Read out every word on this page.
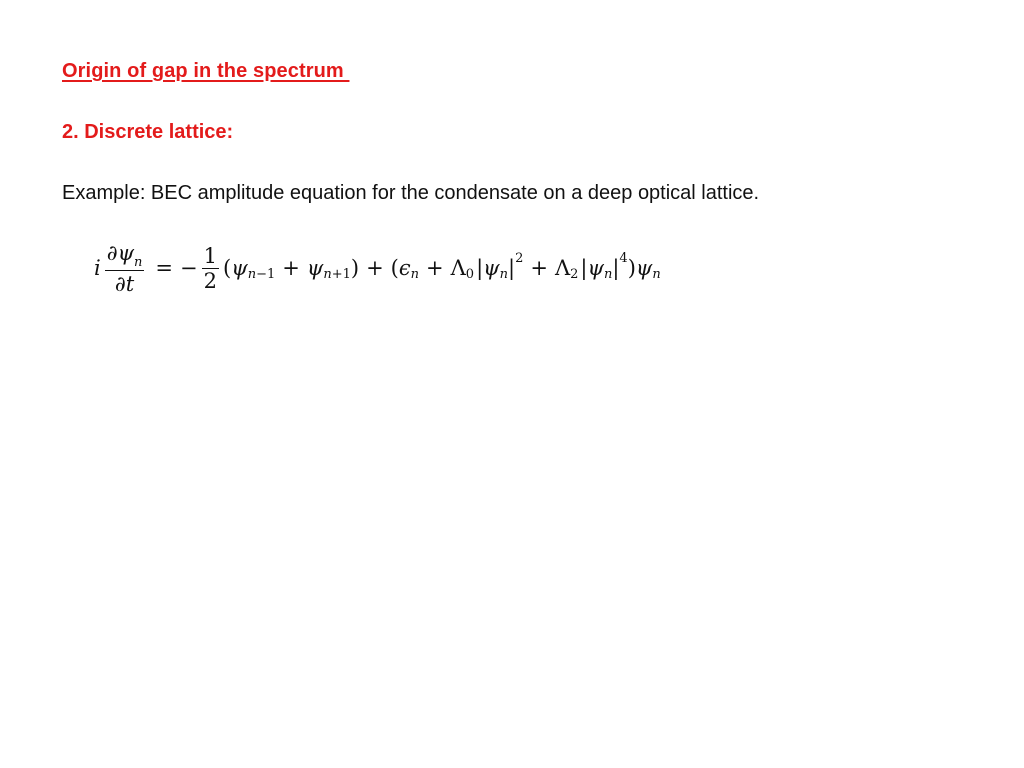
Origin of gap in the spectrum
2. Discrete lattice:
Example: BEC amplitude equation for the condensate on a deep optical lattice.
i $\frac{\partial\psi_n}{\partial t}$ = − $\frac{1}{2}$ ( ψ n−1 + ψ n+1 ) + ( ϵ n + Λ 0 | ψ n | 2 + Λ 2 | ψ n | 4 ) ψ n
